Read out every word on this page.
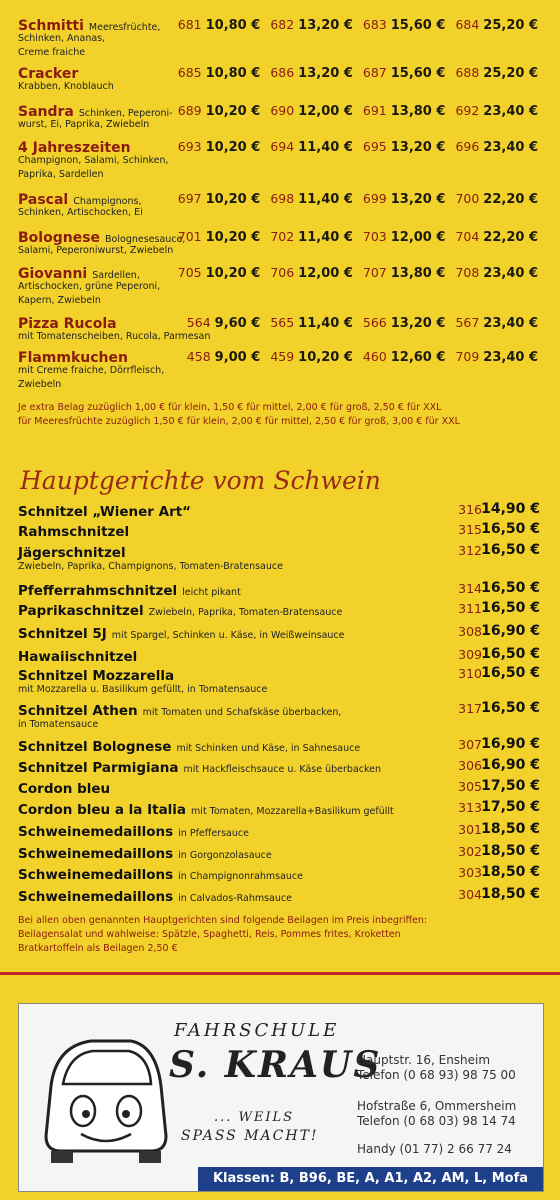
Schmitti Meeresfrüchte,	681 10,80 € 682 13,20 € 683 15,60 € 684 25,20 €
Schinken, Ananas,
Creme fraiche
Cracker	685 10,80 € 686 13,20 € 687 15,60 € 688 25,20 €
Krabben, Knoblauch
Sandra Schinken, Peperoni- 689 10,20 € 690 12,00 € 691 13,80 € 692 23,40 €
wurst, Ei, Paprika, Zwiebeln
4 Jahreszeiten	693 10,20 € 694 11,40 € 695 13,20 € 696 23,40 €
Champignon, Salami, Schinken,
Paprika, Sardellen
Pascal Champignons,	697 10,20 € 698 11,40 € 699 13,20 € 700 22,20 €
Schinken, Artischocken, Ei
Bolognese Bolognesesauce,
701 10,20 € 702 11,40 € 703 12,00 € 704 22,20 €
Salami, Peperoniwurst, Zwiebeln
Giovanni Sardellen,	705 10,20 € 706 12,00 € 707 13,80 € 708 23,40 €
Artischocken, grüne Peperoni,
Kapern, Zwiebeln
Pizza Rucola	564 9,60 € 565 11,40 € 566 13,20 € 567 23,40 €
mit Tomatenscheiben, Rucola, Parmesan
Flammkuchen	458 9,00 € 459 10,20 € 460 12,60 € 709 23,40 €
mit Creme fraiche, Dörrfleisch,
Zwiebeln
Je extra Belag zuzüglich 1,00 € für klein, 1,50 € für mittel, 2,00 € für groß, 2,50 € für XXL
für Meeresfrüchte zuzüglich 1,50 € für klein, 2,00 € für mittel, 2,50 € für groß, 3,00 € für XXL
Hauptgerichte vom Schwein
Schnitzel „Wiener Art“	316 14,90 €
Rahmschnitzel	315 16,50 €
Jägerschnitzel
Zwiebeln, Paprika, Champignons, Tomaten-Bratensauce
312 16,50 €
Pfefferrahmschnitzel leicht pikant	314 16,50 €
Paprikaschnitzel Zwiebeln, Paprika, Tomaten-Bratensauce	311 16,50 €
Schnitzel 5J mit Spargel, Schinken u. Käse, in Weißweinsauce	308 16,90 €
Hawaiischnitzel	309 16,50 €
Schnitzel Mozzarella
mit Mozzarella u. Basilikum gefüllt, in Tomatensauce
310 16,50 €
Schnitzel Athen mit Tomaten und Schafskäse überbacken,
in Tomatensauce
317 16,50 €
Schnitzel Bolognese mit Schinken und Käse, in Sahnesauce	307 16,90 €
Schnitzel Parmigiana mit Hackfleischsauce u. Käse überbacken	306 16,90 €
Cordon bleu	305 17,50 €
Cordon bleu a la Italia mit Tomaten, Mozzarella+Basilikum gefüllt	313 17,50 €
Schweinemedaillons in Pfeffersauce	301 18,50 €
Schweinemedaillons in Gorgonzolasauce	302 18,50 €
Schweinemedaillons in Champignonrahmsauce	303 18,50 €
Schweinemedaillons in Calvados-Rahmsauce	304 18,50 €
Bei allen oben genannten Hauptgerichten sind folgende Beilagen im Preis inbegriffen:
Beilagensalat und wahlweise: Spätzle, Spaghetti, Reis, Pommes frites, Kroketten
Bratkartoffeln als Beilagen 2,50 €
FAHRSCHULE
S. KRAUS
... WEILS
SPASS MACHT!
Hauptstr. 16, Ensheim
Telefon (0 68 93) 98 75 00
Hofstraße 6, Ommersheim
Telefon (0 68 03) 98 14 74
Handy (01 77) 2 66 77 24
Klassen: B, B96, BE, A, A1, A2, AM, L, Mofa
